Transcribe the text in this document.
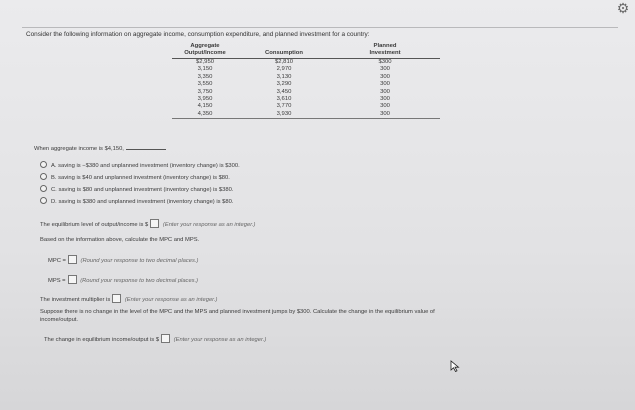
⚙
Consider the following information on aggregate income, consumption expenditure, and planned investment for a country:
Aggregate
Output/Income	Consumption	Planned
Investment
$2,950	$2,810	$300
3,150	2,970	300
3,350	3,130	300
3,550	3,290	300
3,750	3,450	300
3,950	3,610	300
4,150	3,770	300
4,350	3,930	300
When aggregate income is $4,150,
A. saving is −$380 and unplanned investment (inventory change) is $300.
B. saving is $40 and unplanned investment (inventory change) is $80.
C. saving is $80 and unplanned investment (inventory change) is $380.
D. saving is $380 and unplanned investment (inventory change) is $80.
The equilibrium level of output/income is $	(Enter your response as an integer.)
Based on the information above, calculate the MPC and MPS.
MPC =	(Round your response to two decimal places.)
MPS =	(Round your response to two decimal places.)
The investment multiplier is	(Enter your response as an integer.)
Suppose there is no change in the level of the MPC and the MPS and planned investment jumps by $300. Calculate the change in the equilibrium value of
income/output.
The change in equilibrium income/output is $	(Enter your response as an integer.)
